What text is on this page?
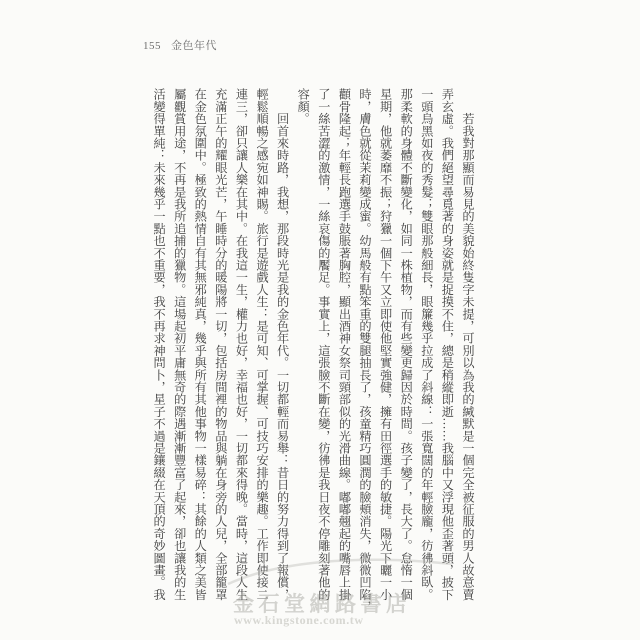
155 金色年代
　　若我對那顯而易見的美貌始終隻字未提，可別以為我的緘默是一個完全被征服的男人故意賣
弄玄虛。我們絕望尋覓著的身姿就是捉摸不住，總是稍縱即逝……我腦中又浮現他歪著頭，披下
一頭烏黑如夜的秀髮；雙眼那般細長，眼簾幾乎拉成了斜線：一張寬闊的年輕臉龐，彷彿斜臥。
那柔軟的身體不斷變化，如同一株植物，而有些變更歸因於時間。孩子變了，長大了。怠惰一個
星期，他就萎靡不振；狩獵一個下午又立即使他堅實強健，擁有田徑選手的敏捷。陽光下曬一小
時，膚色就從茉莉變成蜜。幼馬般有點笨重的雙腿抽長了，孩童精巧圓潤的臉頰消失，微微凹陷，
顴骨隆起；年輕長跑選手鼓脹著胸腔，顯出酒神女祭司頸部似的光滑曲線。嘟嘟翹起的嘴唇上掛
了一絲苦澀的激情，一絲哀傷的饜足。事實上，這張臉不斷在變，彷彿是我日夜不停雕刻著他的
容顏。
　　回首來時路，我想，那段時光是我的金色年代。一切都輕而易舉：昔日的努力得到了報償，
輕鬆順暢之感宛如神賜。旅行是遊戲人生：是可知、可掌握、可技巧安排的樂趣。工作即使接二
連三，卻只讓人樂在其中。在我這一生，權力也好，幸福也好，一切都來得晚。當時，這段人生
充滿正午的耀眼光芒，午睡時分的暖陽將一切，包括房間裡的物品與躺在身旁的人兒，全部籠罩
在金色氛圍中。極致的熱情自有其無邪純真，幾乎與所有其他事物一樣易碎：其餘的人類之美皆
屬觀賞用途，不再是我所追捕的獵物。這場起初平庸無奇的際遇漸漸豐富了起來，卻也讓我的生
活變得單純：未來幾乎一點也不重要，我不再求神問卜，星子不過是鑲綴在天頂的奇妙圖畫。我
金石堂網路書店
www.kingstone.com.tw
